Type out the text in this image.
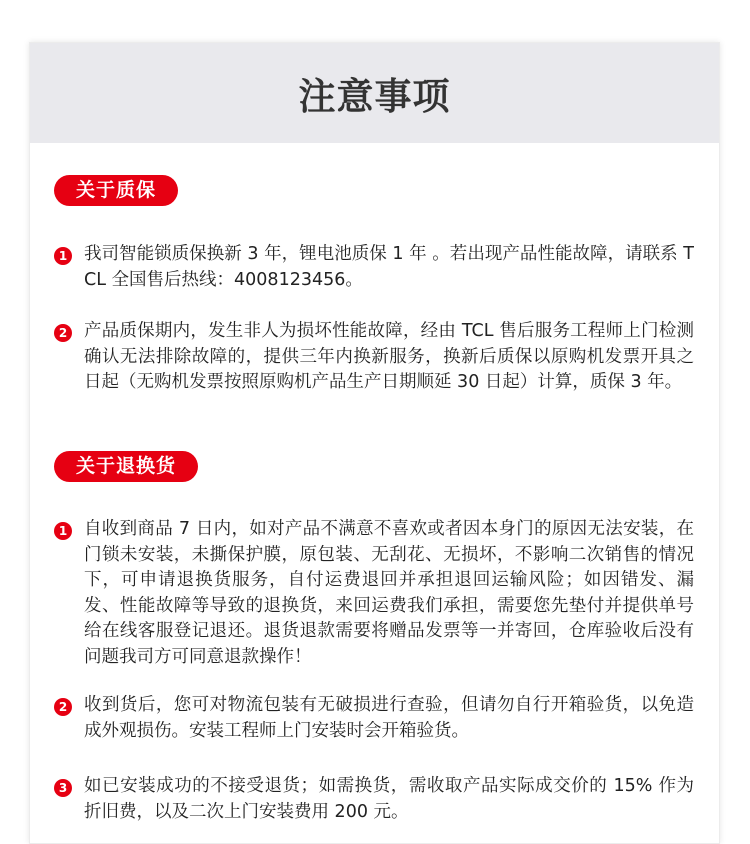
注意事项
关于质保
1 我司智能锁质保换新 3 年，锂电池质保 1 年 。若出现产品性能故障，请联系 TCL 全国售后热线：4008123456。
2 产品质保期内，发生非人为损坏性能故障，经由 TCL 售后服务工程师上门检测确认无法排除故障的，提供三年内换新服务，换新后质保以原购机发票开具之日起（无购机发票按照原购机产品生产日期顺延 30 日起）计算，质保 3 年。
关于退换货
1 自收到商品 7 日内，如对产品不满意不喜欢或者因本身门的原因无法安装，在门锁未安装，未撕保护膜，原包装、无刮花、无损坏，不影响二次销售的情况下，可申请退换货服务，自付运费退回并承担退回运输风险；如因错发、漏发、性能故障等导致的退换货，来回运费我们承担，需要您先垫付并提供单号给在线客服登记退还。退货退款需要将赠品发票等一并寄回，仓库验收后没有问题我司方可同意退款操作！
2 收到货后，您可对物流包装有无破损进行查验，但请勿自行开箱验货，以免造成外观损伤。安装工程师上门安装时会开箱验货。
3 如已安装成功的不接受退货；如需换货，需收取产品实际成交价的 15% 作为折旧费，以及二次上门安装费用 200 元。
